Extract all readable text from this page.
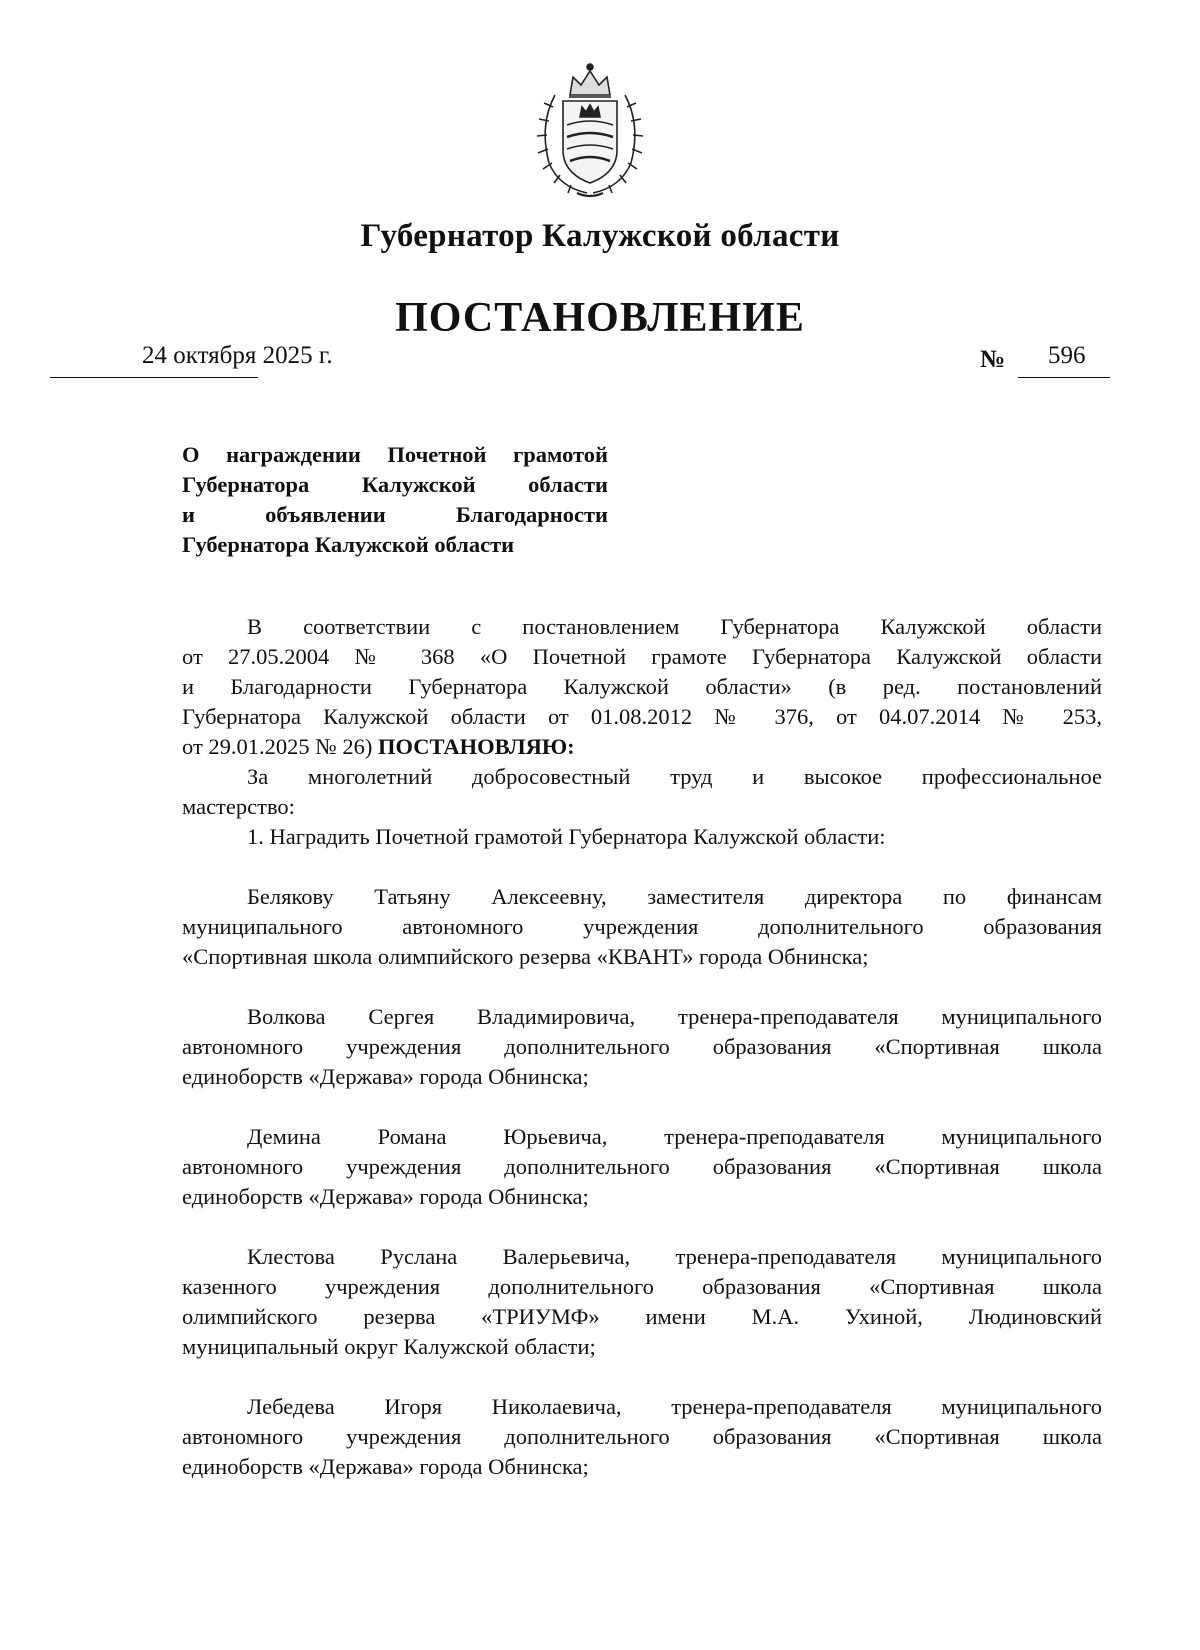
Губернатор Калужской области
ПОСТАНОВЛЕНИЕ
24 октября 2025 г.	№ 596
О награждении Почетной грамотой
Губернатора Калужской области
и объявлении Благодарности
Губернатора Калужской области
В соответствии с постановлением Губернатора Калужской области
от 27.05.2004 № 368 «О Почетной грамоте Губернатора Калужской области
и Благодарности Губернатора Калужской области» (в ред. постановлений
Губернатора Калужской области от 01.08.2012 № 376, от 04.07.2014 № 253,
от 29.01.2025 № 26) ПОСТАНОВЛЯЮ:
За многолетний добросовестный труд и высокое профессиональное
мастерство:
1. Наградить Почетной грамотой Губернатора Калужской области:
Белякову Татьяну Алексеевну, заместителя директора по финансам
муниципального автономного учреждения дополнительного образования
«Спортивная школа олимпийского резерва «КВАНТ» города Обнинска;
Волкова Сергея Владимировича, тренера-преподавателя муниципального
автономного учреждения дополнительного образования «Спортивная школа
единоборств «Держава» города Обнинска;
Демина Романа Юрьевича, тренера-преподавателя муниципального
автономного учреждения дополнительного образования «Спортивная школа
единоборств «Держава» города Обнинска;
Клестова Руслана Валерьевича, тренера-преподавателя муниципального
казенного учреждения дополнительного образования «Спортивная школа
олимпийского резерва «ТРИУМФ» имени М.А. Ухиной, Людиновский
муниципальный округ Калужской области;
Лебедева Игоря Николаевича, тренера-преподавателя муниципального
автономного учреждения дополнительного образования «Спортивная школа
единоборств «Держава» города Обнинска;
